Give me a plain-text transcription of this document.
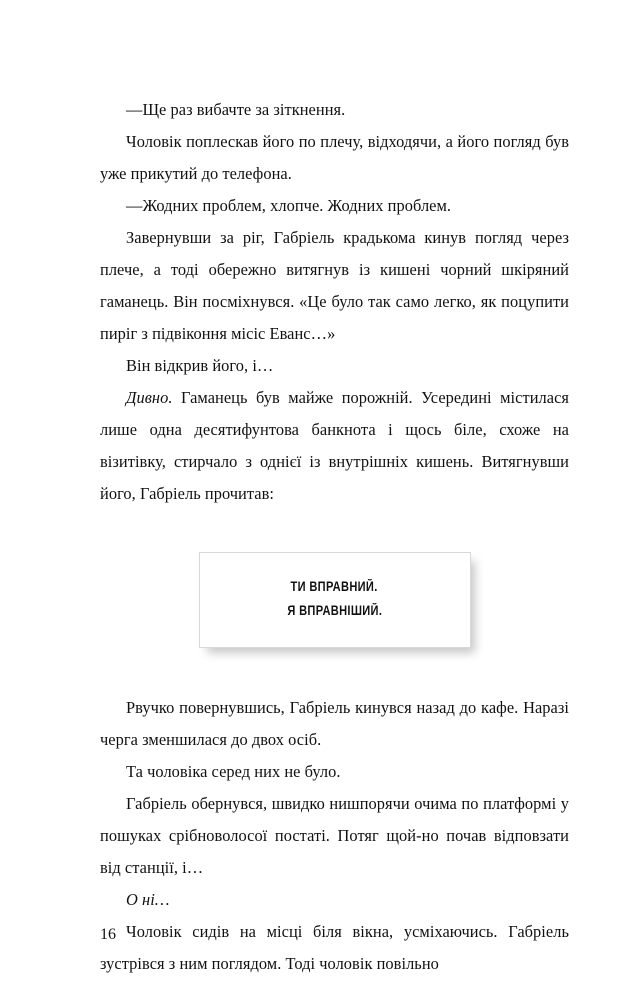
—Ще раз вибачте за зіткнення.

Чоловік поплескав його по плечу, відходячи, а його погляд був уже прикутий до телефона.

—Жодних проблем, хлопче. Жодних проблем.

Завернувши за ріг, Габріель крадькома кинув погляд через плече, а тоді обережно витягнув із кишені чорний шкіряний гаманець. Він посміхнувся. «Це було так само легко, як поцупити пиріг з підвіконня місіс Еванс…»

Він відкрив його, і…

Дивно. Гаманець був майже порожній. Усередині містилася лише одна десятифунтова банкнота і щось біле, схоже на візитівку, стирчало з однієї із внутрішніх кишень. Витягнувши його, Габріель прочитав:

ТИ ВПРАВНИЙ.
Я ВПРАВНІШИЙ.

Рвучко повернувшись, Габріель кинувся назад до кафе. Наразі черга зменшилася до двох осіб.

Та чоловіка серед них не було.

Габріель обернувся, швидко нишпорячи очима по платформі у пошуках срібноволосої постаті. Потяг щой-но почав відповзати від станції, і…

О ні…

Чоловік сидів на місці біля вікна, усміхаючись. Габріель зустрівся з ним поглядом. Тоді чоловік повільно

16
